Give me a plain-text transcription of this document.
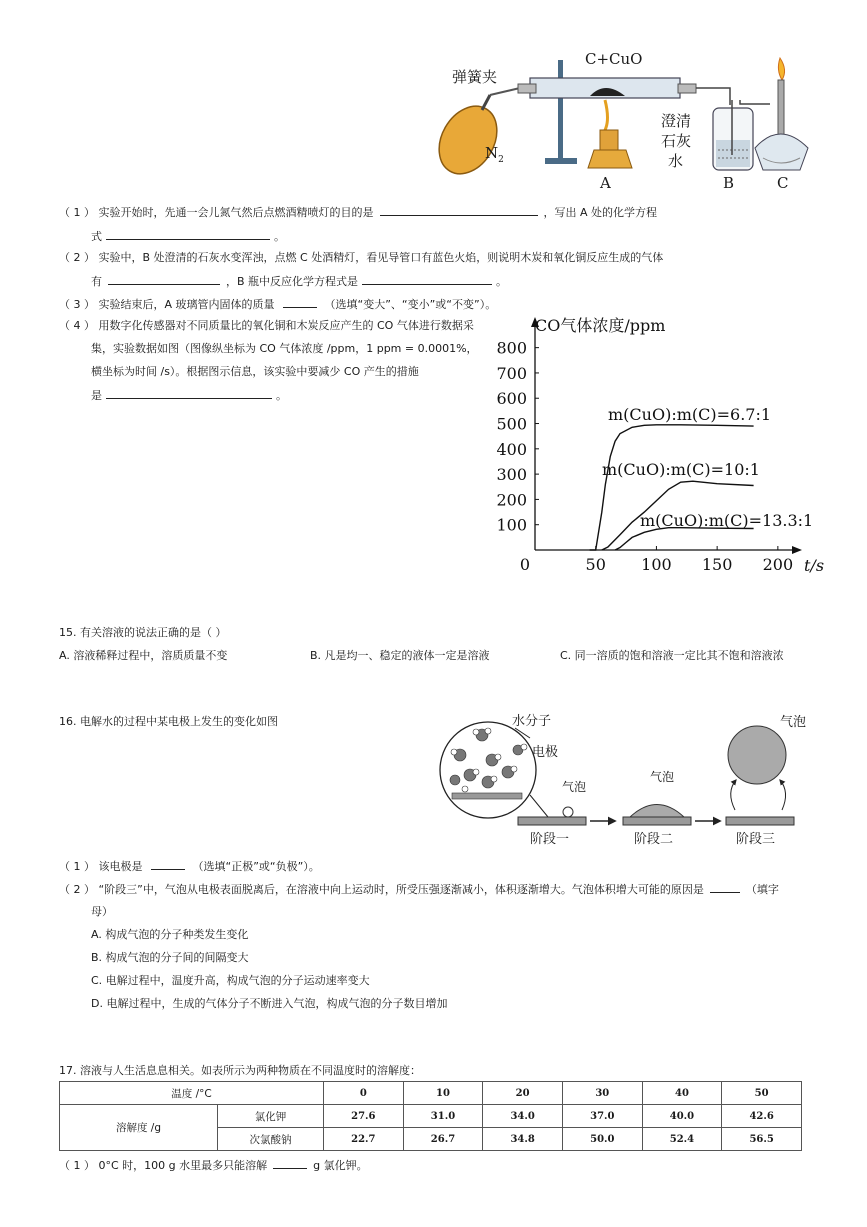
弹簧夹
C+CuO
$N_2$
澄清
石灰
水
A	B	C
（ 1 ） 实验开始时，先通一会儿氮气然后点燃酒精喷灯的目的是	，写出 A 处的化学方程
式	。
（ 2 ） 实验中，B 处澄清的石灰水变浑浊，点燃 C 处酒精灯，看见导管口有蓝色火焰，则说明木炭和氧化铜反应生成的气体
有	，B 瓶中反应化学方程式是	。
（ 3 ） 实验结束后，A 玻璃管内固体的质量	（选填“变大”、“变小”或“不变”）。
（ 4 ） 用数字化传感器对不同质量比的氧化铜和木炭反应产生的 CO 气体进行数据采
集，实验数据如图（图像纵坐标为 CO 气体浓度 /ppm，1 ppm = 0.0001%，
横坐标为时间 /s）。根据图示信息，该实验中要减少 CO 产生的措施
是	。
100
200
300
400
500
600
700
800
0	50 100 150 200
CO气体浓度/ppm
t/s
m(CuO):m(C)=6.7:1
m(CuO):m(C)=10:1
m(CuO):m(C)=13.3:1
15. 有关溶液的说法正确的是（ ）
A. 溶液稀释过程中，溶质质量不变	B. 凡是均一、稳定的液体一定是溶液	C. 同一溶质的饱和溶液一定比其不饱和溶液浓
16. 电解水的过程中某电极上发生的变化如图	水分子
电极
气泡
气泡
气泡
阶段一	阶段二	阶段三
（ 1 ） 该电极是	（选填“正极”或“负极”）。
（ 2 ） “阶段三”中，气泡从电极表面脱离后，在溶液中向上运动时，所受压强逐渐减小，体积逐渐增大。气泡体积增大可能的原因是	（填字
母）
A. 构成气泡的分子种类发生变化
B. 构成气泡的分子间的间隔变大
C. 电解过程中，温度升高，构成气泡的分子运动速率变大
D. 电解过程中，生成的气体分子不断进入气泡，构成气泡的分子数目增加
17. 溶液与人生活息息相关。如表所示为两种物质在不同温度时的溶解度：
温度 /°C		0	10	20	30	40	50
溶解度 /g	氯化钾	27.6	31.0	34.0	37.0	40.0	42.6
	次氯酸钠	22.7	26.7	34.8	50.0	52.4	56.5
（ 1 ） 0°C 时，100 g 水里最多只能溶解	g 氯化钾。
